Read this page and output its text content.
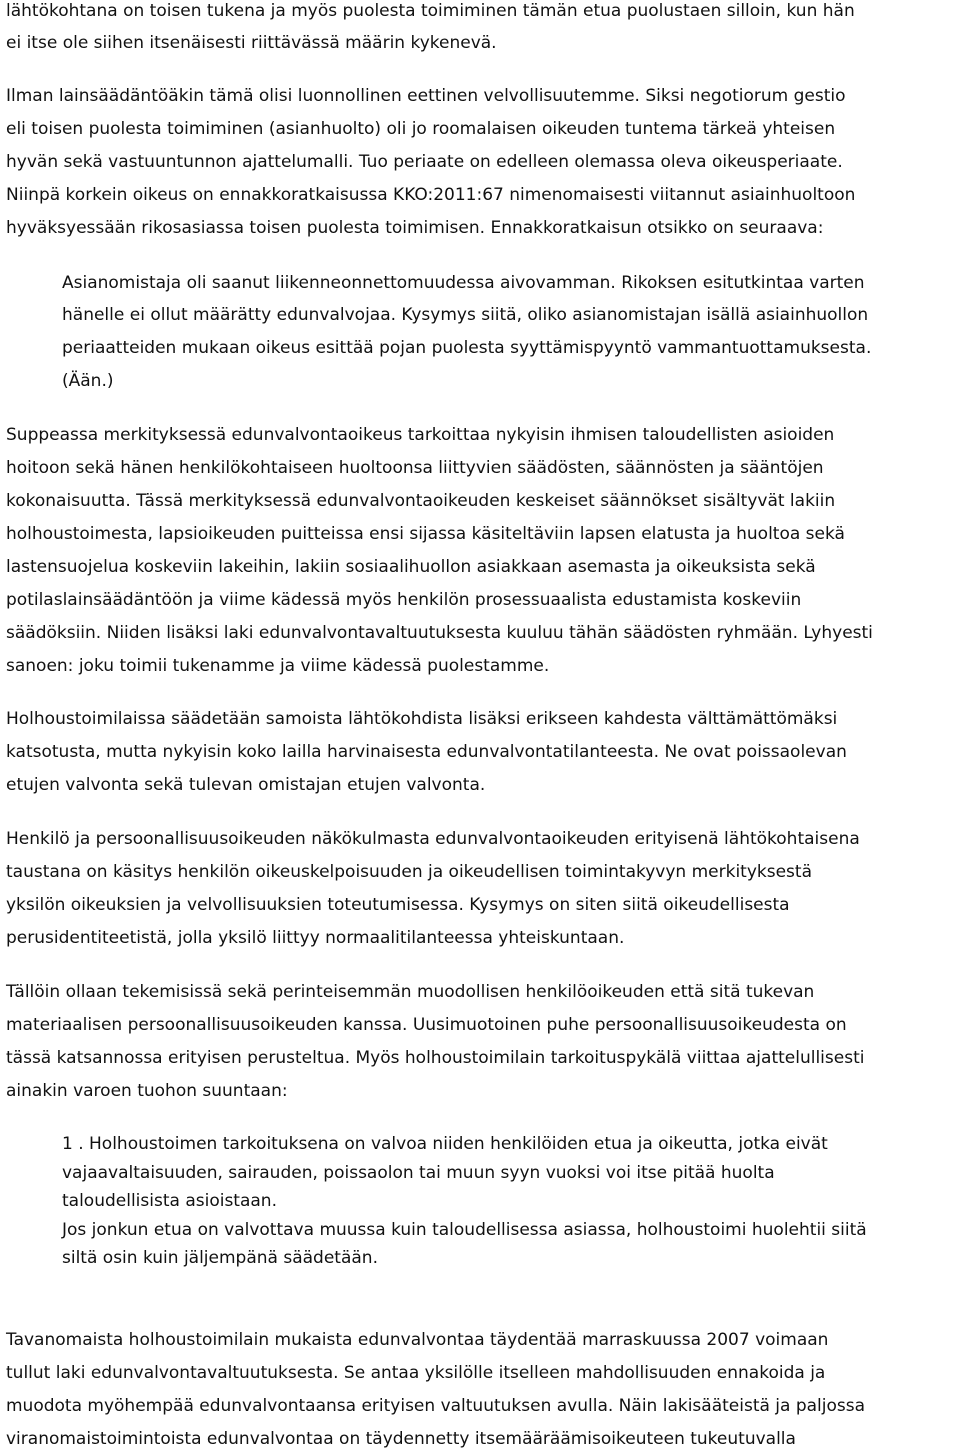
lähtökohtana on toisen tukena ja myös puolesta toimiminen tämän etua puolustaen silloin, kun hän
ei itse ole siihen itsenäisesti riittävässä määrin kykenevä.
Ilman lainsäädäntöäkin tämä olisi luonnollinen eettinen velvollisuutemme. Siksi negotiorum gestio
eli toisen puolesta toimiminen (asianhuolto) oli jo roomalaisen oikeuden tuntema tärkeä yhteisen
hyvän sekä vastuuntunnon ajattelumalli. Tuo periaate on edelleen olemassa oleva oikeusperiaate.
Niinpä korkein oikeus on ennakkoratkaisussa KKO:2011:67 nimenomaisesti viitannut asiainhuoltoon
hyväksyessään rikosasiassa toisen puolesta toimimisen. Ennakkoratkaisun otsikko on seuraava:
Asianomistaja oli saanut liikenneonnettomuudessa aivovamman. Rikoksen esitutkintaa varten
hänelle ei ollut määrätty edunvalvojaa. Kysymys siitä, oliko asianomistajan isällä asiainhuollon
periaatteiden mukaan oikeus esittää pojan puolesta syyttämispyyntö vammantuottamuksesta.
(Ään.)
Suppeassa merkityksessä edunvalvontaoikeus tarkoittaa nykyisin ihmisen taloudellisten asioiden
hoitoon sekä hänen henkilökohtaiseen huoltoonsa liittyvien säädösten, säännösten ja sääntöjen
kokonaisuutta. Tässä merkityksessä edunvalvontaoikeuden keskeiset säännökset sisältyvät lakiin
holhoustoimesta, lapsioikeuden puitteissa ensi sijassa käsiteltäviin lapsen elatusta ja huoltoa sekä
lastensuojelua koskeviin lakeihin, lakiin sosiaalihuollon asiakkaan asemasta ja oikeuksista sekä
potilaslainsäädäntöön ja viime kädessä myös henkilön prosessuaalista edustamista koskeviin
säädöksiin. Niiden lisäksi laki edunvalvontavaltuutuksesta kuuluu tähän säädösten ryhmään. Lyhyesti
sanoen: joku toimii tukenamme ja viime kädessä puolestamme.
Holhoustoimilaissa säädetään samoista lähtökohdista lisäksi erikseen kahdesta välttämättömäksi
katsotusta, mutta nykyisin koko lailla harvinaisesta edunvalvontatilanteesta. Ne ovat poissaolevan
etujen valvonta sekä tulevan omistajan etujen valvonta.
Henkilö ja persoonallisuusoikeuden näkökulmasta edunvalvontaoikeuden erityisenä lähtökohtaisena
taustana on käsitys henkilön oikeuskelpoisuuden ja oikeudellisen toimintakyvyn merkityksestä
yksilön oikeuksien ja velvollisuuksien toteutumisessa. Kysymys on siten siitä oikeudellisesta
perusidentiteetistä, jolla yksilö liittyy normaalitilanteessa yhteiskuntaan.
Tällöin ollaan tekemisissä sekä perinteisemmän muodollisen henkilöoikeuden että sitä tukevan
materiaalisen persoonallisuusoikeuden kanssa. Uusimuotoinen puhe persoonallisuusoikeudesta on
tässä katsannossa erityisen perusteltua. Myös holhoustoimilain tarkoituspykälä viittaa ajattelullisesti
ainakin varoen tuohon suuntaan:
1 . Holhoustoimen tarkoituksena on valvoa niiden henkilöiden etua ja oikeutta, jotka eivät
vajaavaltaisuuden, sairauden, poissaolon tai muun syyn vuoksi voi itse pitää huolta
taloudellisista asioistaan.
Jos jonkun etua on valvottava muussa kuin taloudellisessa asiassa, holhoustoimi huolehtii siitä
siltä osin kuin jäljempänä säädetään.
Tavanomaista holhoustoimilain mukaista edunvalvontaa täydentää marraskuussa 2007 voimaan
tullut laki edunvalvontavaltuutuksesta. Se antaa yksilölle itselleen mahdollisuuden ennakoida ja
muodota myöhempää edunvalvontaansa erityisen valtuutuksen avulla. Näin lakisääteistä ja paljossa
viranomaistoimintoista edunvalvontaa on täydennetty itsemääräämisoikeuteen tukeutuvalla
